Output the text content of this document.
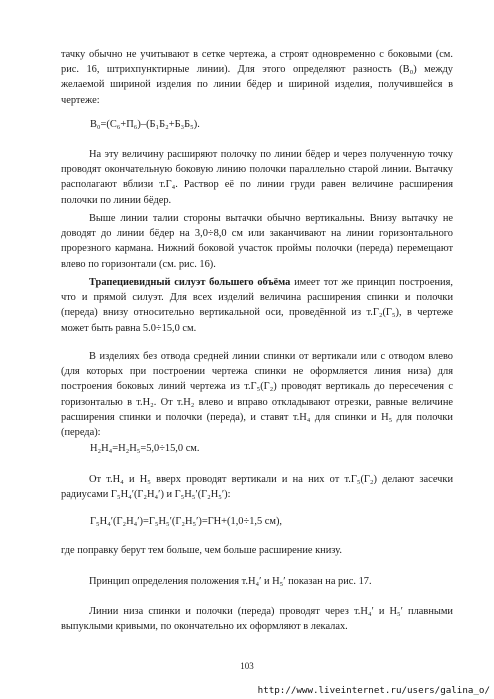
тачку обычно не учитывают в сетке чертежа, а строят одновременно с боковыми (см. рис. 16, штрихпунктирные линии). Для этого определяют разность (В₀) между желаемой шириной изделия по линии бёдер и шириной изделия, получившейся в чертеже:

В₀=(С₆+П₆)–(Б₁Б₂+Б₃Б₅).

На эту величину расширяют полочку по линии бёдер и через полученную точку проводят окончательную боковую линию полочки параллельно старой линии. Вытачку располагают вблизи т.Г₄. Раствор её по линии груди равен величине расширения полочки по линии бёдер.

Выше линии талии стороны вытачки обычно вертикальны. Внизу вытачку не доводят до линии бёдер на 3,0÷8,0 см или заканчивают на линии горизонтального прорезного кармана. Нижний боковой участок проймы полочки (переда) перемещают влево по горизонтали (см. рис. 16).

Трапециевидный силуэт большего объёма имеет тот же принцип построения, что и прямой силуэт. Для всех изделий величина расширения спинки и полочки (переда) внизу относительно вертикальной оси, проведённой из т.Г₂(Г₅), в чертеже может быть равна 5.0÷15,0 см.

В изделиях без отвода средней линии спинки от вертикали или с отводом влево (для которых при построении чертежа спинки не оформляется линия низа) для построения боковых линий чертежа из т.Г₅(Г₂) проводят вертикаль до пересечения с горизонталью в т.Н₂. От т.Н₂ влево и вправо откладывают отрезки, равные величине расширения спинки и полочки (переда), и ставят т.Н₄ для спинки и Н₅ для полочки (переда):

Н₂Н₄=Н₂Н₅=5,0÷15,0 см.

От т.Н₄ и Н₅ вверх проводят вертикали и на них от т.Г₅(Г₂) делают засечки радиусами Г₅Н₄′(Г₂Н₄′) и Г₅Н₅′(Г₂Н₅′):

Г₅Н₄′(Г₂Н₄′)=Г₅Н₅′(Г₂Н₅′)=ГН+(1,0÷1,5 см),

где поправку берут тем больше, чем больше расширение книзу.

Принцип определения положения т.Н₄′ и Н₅′ показан на рис. 17.

Линии низа спинки и полочки (переда) проводят через т.Н₄′ и Н₅′ плавными выпуклыми кривыми, по окончательно их оформляют в лекалах.

103
http://www.liveinternet.ru/users/galina_o/
